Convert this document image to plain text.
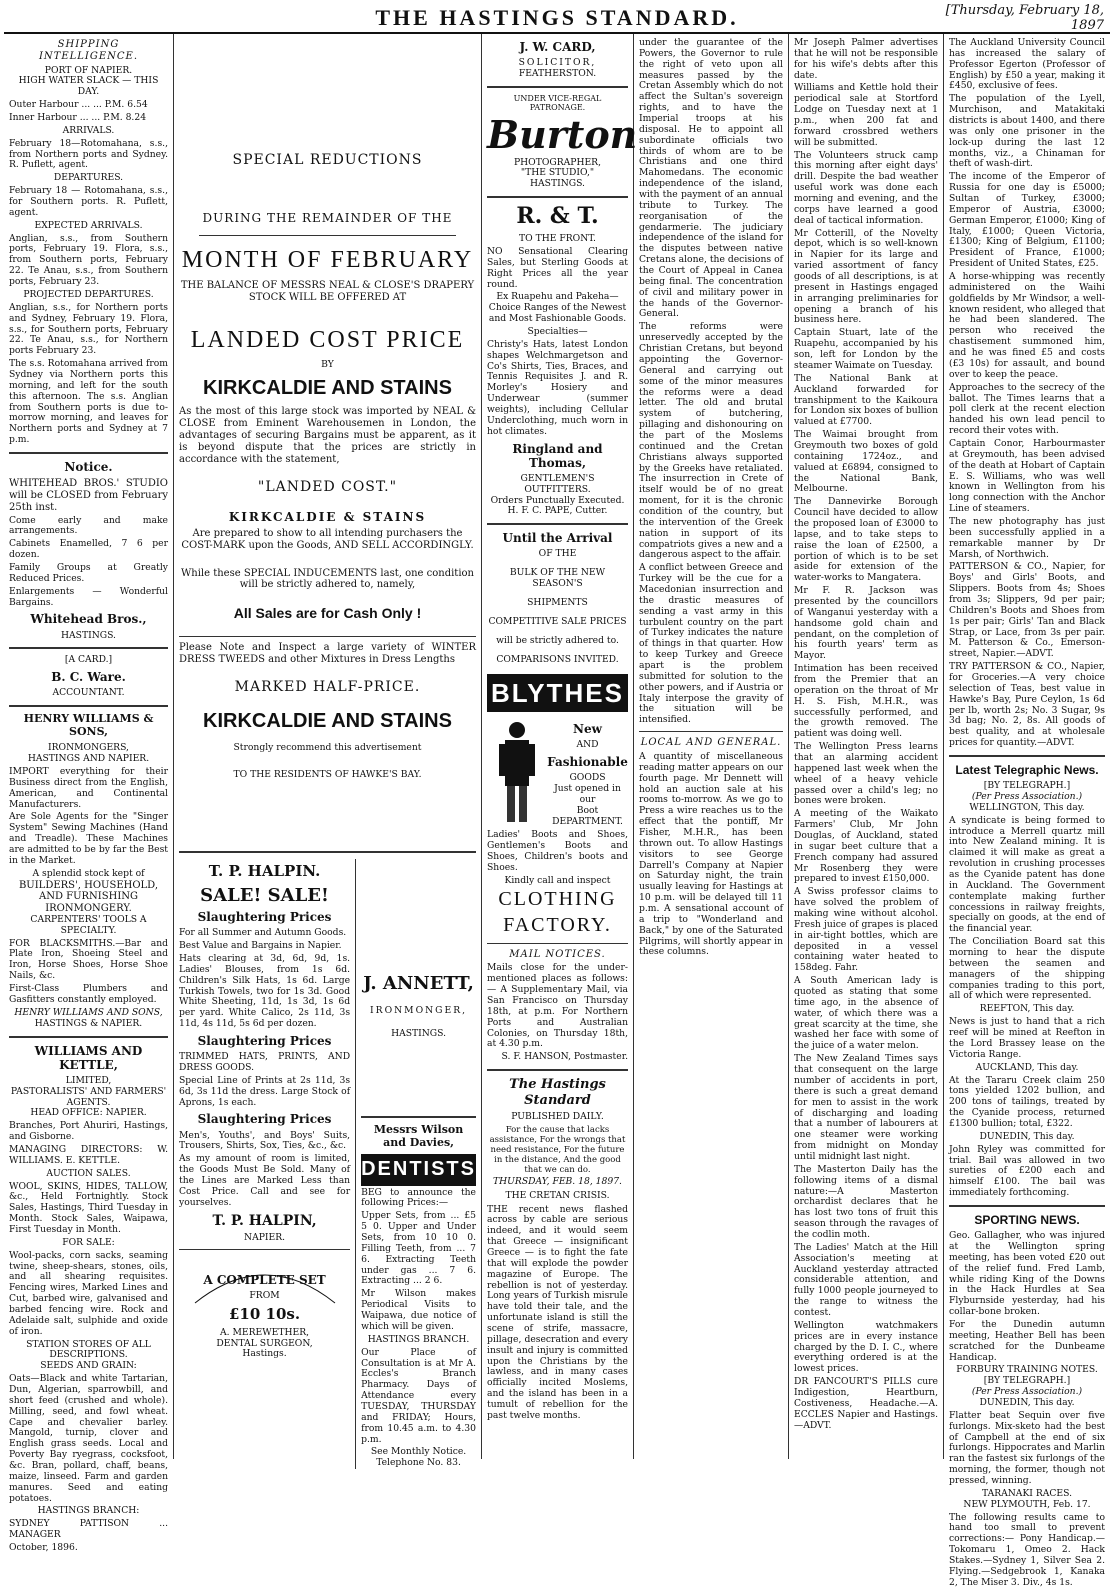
THE HASTINGS STANDARD.	[Thursday, February 18, 1897
SHIPPING INTELLIGENCE.
PORT OF NAPIER.
HIGH WATER SLACK — THIS DAY.

Outer Harbour ... ... P.M. 6.54

Inner Harbour ... ... P.M. 8.24

ARRIVALS.

February 18—Rotomahana, s.s., from Northern ports and Sydney. R. Puflett, agent.

DEPARTURES.

February 18 — Rotomahana, s.s., for Southern ports. R. Puflett, agent.

EXPECTED ARRIVALS.

Anglian, s.s., from Southern ports, February 19. Flora, s.s., from Southern ports, February 22. Te Anau, s.s., from Southern ports, February 23.

PROJECTED DEPARTURES.

Anglian, s.s., for Northern ports and Sydney, February 19. Flora, s.s., for Southern ports, February 22. Te Anau, s.s., for Northern ports February 23.

The s.s. Rotomahana arrived from Sydney via Northern ports this morning, and left for the south this afternoon. The s.s. Anglian from Southern ports is due to-morrow morning, and leaves for Northern ports and Sydney at 7 p.m.

Notice.

WHITEHEAD BROS.' STUDIO will be CLOSED from February 25th inst.

Come early and make arrangements.

Cabinets Enamelled, 7 6 per dozen.

Family Groups at Greatly Reduced Prices.

Enlargements — Wonderful Bargains.

Whitehead Bros.,
HASTINGS.
[A CARD.]
B. C. Ware.
ACCOUNTANT.
HENRY WILLIAMS & SONS,
IRONMONGERS,
HASTINGS AND NAPIER.

IMPORT everything for their Business direct from the English, American, and Continental Manufacturers.

Are Sole Agents for the "Singer System" Sewing Machines (Hand and Treadle). These Machines are admitted to be by far the Best in the Market.

A splendid stock kept of
BUILDERS', HOUSEHOLD, AND FURNISHING IRONMONGERY.
CARPENTERS' TOOLS A SPECIALTY.

FOR BLACKSMITHS.—Bar and Plate Iron, Shoeing Steel and Iron, Horse Shoes, Horse Shoe Nails, &c.

First-Class Plumbers and Gasfitters constantly employed.

HENRY WILLIAMS AND SONS,
HASTINGS & NAPIER.
WILLIAMS AND KETTLE,
LIMITED,
PASTORALISTS' AND FARMERS' AGENTS.
HEAD OFFICE: NAPIER.

Branches, Port Ahuriri, Hastings, and Gisborne.

MANAGING DIRECTORS: W. WILLIAMS. E. KETTLE.

AUCTION SALES.

WOOL, SKINS, HIDES, TALLOW, &c., Held Fortnightly. Stock Sales, Hastings, Third Tuesday in Month. Stock Sales, Waipawa, First Tuesday in Month.

FOR SALE:

Wool-packs, corn sacks, seaming twine, sheep-shears, stones, oils, and all shearing requisites. Fencing wires, Marked Lines and Cut, barbed wire, galvanised and barbed fencing wire. Rock and Adelaide salt, sulphide and oxide of iron.

STATION STORES OF ALL DESCRIPTIONS.
SEEDS AND GRAIN:

Oats—Black and white Tartarian, Dun, Algerian, sparrowbill, and short feed (crushed and whole). Milling, seed, and fowl wheat. Cape and chevalier barley. Mangold, turnip, clover and English grass seeds. Local and Poverty Bay ryegrass, cocksfoot, &c. Bran, pollard, chaff, beans, maize, linseed. Farm and garden manures. Seed and eating potatoes.

HASTINGS BRANCH:

SYDNEY PATTISON ... MANAGER

October, 1896.

SPECIAL REDUCTIONS
DURING THE REMAINDER OF THE
MONTH OF FEBRUARY

THE BALANCE OF MESSRS NEAL & CLOSE'S DRAPERY STOCK WILL BE OFFERED AT

LANDED COST PRICE
BY
KIRKCALDIE AND STAINS

As the most of this large stock was imported by NEAL & CLOSE from Eminent Warehousemen in London, the advantages of securing Bargains must be apparent, as it is beyond dispute that the prices are strictly in accordance with the statement,

"LANDED COST."
KIRKCALDIE & STAINS

Are prepared to show to all intending purchasers the COST-MARK upon the Goods, AND SELL ACCORDINGLY.

While these SPECIAL INDUCEMENTS last, one condition will be strictly adhered to, namely,

All Sales are for Cash Only !

Please Note and Inspect a large variety of WINTER DRESS TWEEDS and other Mixtures in Dress Lengths

MARKED HALF-PRICE.
KIRKCALDIE AND STAINS
Strongly recommend this advertisement
TO THE RESIDENTS OF HAWKE'S BAY.
T. P. HALPIN.
SALE! SALE!
Slaughtering Prices

For all Summer and Autumn Goods.

Best Value and Bargains in Napier.

Hats clearing at 3d, 6d, 9d, 1s. Ladies' Blouses, from 1s 6d. Children's Silk Hats, 1s 6d. Large Turkish Towels, two for 1s 3d. Good White Sheeting, 11d, 1s 3d, 1s 6d per yard. White Calico, 2s 11d, 3s 11d, 4s 11d, 5s 6d per dozen.

Slaughtering Prices

TRIMMED HATS, PRINTS, AND DRESS GOODS.

Special Line of Prints at 2s 11d, 3s 6d, 3s 11d the dress. Large Stock of Aprons, 1s each.

Slaughtering Prices

Men's, Youths', and Boys' Suits, Trousers, Shirts, Sox, Ties, &c., &c.

As my amount of room is limited, the Goods Must Be Sold. Many of the Lines are Marked Less than Cost Price. Call and see for yourselves.

T. P. HALPIN,
NAPIER.
A COMPLETE SET
FROM
£10 10s.
A. MEREWETHER,
DENTAL SURGEON,
Hastings.
J. ANNETT,
IRONMONGER,
HASTINGS.
Messrs Wilson and Davies,
DENTISTS

BEG to announce the following Prices:—

Upper Sets, from ... £5 5 0. Upper and Under Sets, from 10 10 0. Filling Teeth, from ... 7 6. Extracting Teeth under gas ... 7 6. Extracting ... 2 6.

Mr Wilson makes Periodical Visits to Waipawa, due notice of which will be given.

HASTINGS BRANCH.

Our Place of Consultation is at Mr A. Eccles's Branch Pharmacy. Days of Attendance every TUESDAY, THURSDAY and FRIDAY; Hours, from 10.45 a.m. to 4.30 p.m.

See Monthly Notice.
Telephone No. 83.
J. W. CARD,
SOLICITOR,
FEATHERSTON.
UNDER VICE-REGAL PATRONAGE.
Burton
PHOTOGRAPHER,
"THE STUDIO,"
HASTINGS.
R. & T.
TO THE FRONT.

NO Sensational Clearing Sales, but Sterling Goods at Right Prices all the year round.

Ex Ruapehu and Pakeha— Choice Ranges of the Newest and Most Fashionable Goods.

Specialties—

Christy's Hats, latest London shapes Welchmargetson and Co's Shirts, Ties, Braces, and Tennis Requisites J. and R. Morley's Hosiery and Underwear (summer weights), including Cellular Underclothing, much worn in hot climates.

Ringland and Thomas,
GENTLEMEN'S OUTFITTERS.
Orders Punctually Executed.
H. F. C. PAPE, Cutter.
Until the Arrival
OF THE
BULK OF THE NEW SEASON'S
SHIPMENTS
COMPETITIVE SALE PRICES
will be strictly adhered to.
COMPARISONS INVITED.
BLYTHES
New
AND
Fashionable
GOODS
Just opened in our
Boot DEPARTMENT.

Ladies' Boots and Shoes, Gentlemen's Boots and Shoes, Children's boots and Shoes.

Kindly call and inspect
CLOTHING
FACTORY.
MAIL NOTICES.

Mails close for the under-mentioned places as follows:— A Supplementary Mail, via San Francisco on Thursday 18th, at p.m. For Northern Ports and Australian Colonies, on Thursday 18th, at 4.30 p.m.

S. F. HANSON, Postmaster.

The Hastings Standard
PUBLISHED DAILY.

For the cause that lacks assistance, For the wrongs that need resistance, For the future in the distance, And the good that we can do.

THURSDAY, FEB. 18, 1897.
THE CRETAN CRISIS.

THE recent news flashed across by cable are serious indeed, and it would seem that Greece — insignificant Greece — is to fight the fate that will explode the powder magazine of Europe. The rebellion is not of yesterday. Long years of Turkish misrule have told their tale, and the unfortunate island is still the scene of strife, massacre, pillage, desecration and every insult and injury is committed upon the Christians by the lawless, and in many cases officially incited Moslems, and the island has been in a tumult of rebellion for the past twelve months.

under the guarantee of the Powers, the Governor to rule the right of veto upon all measures passed by the Cretan Assembly which do not affect the Sultan's sovereign rights, and to have the Imperial troops at his disposal. He to appoint all subordinate officials two thirds of whom are to be Christians and one third Mahomedans. The economic independence of the island, with the payment of an annual tribute to Turkey. The reorganisation of the gendarmerie. The judiciary independence of the island for the disputes between native Cretans alone, the decisions of the Court of Appeal in Canea being final. The concentration of civil and military power in the hands of the Governor-General.

The reforms were unreservedly accepted by the Christian Cretans, but beyond appointing the Governor-General and carrying out some of the minor measures the reforms were a dead letter. The old and brutal system of butchering, pillaging and dishonouring on the part of the Moslems continued and the Cretan Christians always supported by the Greeks have retaliated. The insurrection in Crete of itself would be of no great moment, for it is the chronic condition of the country, but the intervention of the Greek nation in support of its compatriots gives a new and a dangerous aspect to the affair.

A conflict between Greece and Turkey will be the cue for a Macedonian insurrection and the drastic measures of sending a vast army in this turbulent country on the part of Turkey indicates the nature of things in that quarter. How to keep Turkey and Greece apart is the problem submitted for solution to the other powers, and if Austria or Italy interpose the gravity of the situation will be intensified.

LOCAL AND GENERAL.

A quantity of miscellaneous reading matter appears on our fourth page. Mr Dennett will hold an auction sale at his rooms to-morrow. As we go to Press a wire reaches us to the effect that the pontiff, Mr Fisher, M.H.R., has been thrown out. To allow Hastings visitors to see George Darrell's Company at Napier on Saturday night, the train usually leaving for Hastings at 10 p.m. will be delayed till 11 p.m. A sensational account of a trip to "Wonderland and Back," by one of the Saturated Pilgrims, will shortly appear in these columns.

Mr Joseph Palmer advertises that he will not be responsible for his wife's debts after this date.

Williams and Kettle hold their periodical sale at Stortford Lodge on Tuesday next at 1 p.m., when 200 fat and forward crossbred wethers will be submitted.

The Volunteers struck camp this morning after eight days' drill. Despite the bad weather useful work was done each morning and evening, and the corps have learned a good deal of tactical information.

Mr Cotterill, of the Novelty depot, which is so well-known in Napier for its large and varied assortment of fancy goods of all descriptions, is at present in Hastings engaged in arranging preliminaries for opening a branch of his business here.

Captain Stuart, late of the Ruapehu, accompanied by his son, left for London by the steamer Waimate on Tuesday.

The National Bank at Auckland forwarded for transhipment to the Kaikoura for London six boxes of bullion valued at £7700.

The Waimai brought from Greymouth two boxes of gold containing 1724oz., and valued at £6894, consigned to the National Bank, Melbourne.

The Dannevirke Borough Council have decided to allow the proposed loan of £3000 to lapse, and to take steps to raise the loan of £2500, a portion of which is to be set aside for extension of the water-works to Mangatera.

Mr F. R. Jackson was presented by the councillors of Wanganui yesterday with a handsome gold chain and pendant, on the completion of his fourth years' term as Mayor.

Intimation has been received from the Premier that an operation on the throat of Mr H. S. Fish, M.H.R., was successfully performed, and the growth removed. The patient was doing well.

The Wellington Press learns that an alarming accident happened last week when the wheel of a heavy vehicle passed over a child's leg; no bones were broken.

A meeting of the Waikato Farmers' Club, Mr John Douglas, of Auckland, stated in sugar beet culture that a French company had assured Mr Rosenberg they were prepared to invest £150,000.

A Swiss professor claims to have solved the problem of making wine without alcohol. Fresh juice of grapes is placed in air-tight bottles, which are deposited in a vessel containing water heated to 158deg. Fahr.

A South American lady is quoted as stating that some time ago, in the absence of water, of which there was a great scarcity at the time, she washed her face with some of the juice of a water melon.

The New Zealand Times says that consequent on the large number of accidents in port, there is such a great demand for men to assist in the work of discharging and loading that a number of labourers at one steamer were working from midnight on Monday until midnight last night.

The Masterton Daily has the following items of a dismal nature:—A Masterton orchardist declares that he has lost two tons of fruit this season through the ravages of the codlin moth.

The Ladies' Match at the Hill Association's meeting at Auckland yesterday attracted considerable attention, and fully 1000 people journeyed to the range to witness the contest.

Wellington watchmakers prices are in every instance charged by the D. I. C., where everything ordered is at the lowest prices.

DR FANCOURT'S PILLS cure Indigestion, Heartburn, Costiveness, Headache.—A. ECCLES Napier and Hastings.—ADVT.

The Auckland University Council has increased the salary of Professor Egerton (Professor of English) by £50 a year, making it £450, exclusive of fees.

The population of the Lyell, Murchison, and Matakitaki districts is about 1400, and there was only one prisoner in the lock-up during the last 12 months, viz., a Chinaman for theft of wash-dirt.

The income of the Emperor of Russia for one day is £5000; Sultan of Turkey, £3000; Emperor of Austria, £3000; German Emperor, £1000; King of Italy, £1000; Queen Victoria, £1300; King of Belgium, £1100; President of France, £1000; President of United States, £25.

A horse-whipping was recently administered on the Waihi goldfields by Mr Windsor, a well-known resident, who alleged that he had been slandered. The person who received the chastisement summoned him, and he was fined £5 and costs (£3 10s) for assault, and bound over to keep the peace.

Approaches to the secrecy of the ballot. The Times learns that a poll clerk at the recent election handed his own lead pencil to record their votes with.

Captain Conor, Harbourmaster at Greymouth, has been advised of the death at Hobart of Captain E. S. Williams, who was well known in Wellington from his long connection with the Anchor Line of steamers.

The new photography has just been successfully applied in a remarkable manner by Dr Marsh, of Northwich.

PATTERSON & CO., Napier, for Boys' and Girls' Boots, and Slippers. Boots from 4s; Shoes from 3s; Slippers, 9d per pair; Children's Boots and Shoes from 1s per pair; Girls' Tan and Black Strap, or Lace, from 3s per pair. M. Patterson & Co., Emerson-street, Napier.—ADVT.

TRY PATTERSON & CO., Napier, for Groceries.—A very choice selection of Teas, best value in Hawke's Bay, Pure Ceylon, 1s 6d per lb, worth 2s; No. 3 Sugar, 9s 3d bag; No. 2, 8s. All goods of best quality, and at wholesale prices for quantity.—ADVT.

Latest Telegraphic News.
[BY TELEGRAPH.]
(Per Press Association.)
WELLINGTON, This day.

A syndicate is being formed to introduce a Merrell quartz mill into New Zealand mining. It is claimed it will make as great a revolution in crushing processes as the Cyanide patent has done in Auckland. The Government contemplate making further concessions in railway freights, specially on goods, at the end of the financial year.

The Conciliation Board sat this morning to hear the dispute between the seamen and managers of the shipping companies trading to this port, all of which were represented.

REEFTON, This day.

News is just to hand that a rich reef will be mined at Reefton in the Lord Brassey lease on the Victoria Range.

AUCKLAND, This day.

At the Tararu Creek claim 250 tons yielded 1202 bullion, and 200 tons of tailings, treated by the Cyanide process, returned £1300 bullion; total, £322.

DUNEDIN, This day.

John Ryley was committed for trial. Bail was allowed in two sureties of £200 each and himself £100. The bail was immediately forthcoming.

SPORTING NEWS.

Geo. Gallagher, who was injured at the Wellington spring meeting, has been voted £20 out of the relief fund. Fred Lamb, while riding King of the Downs in the Hack Hurdles at Sea Flyburnside yesterday, had his collar-bone broken.

For the Dunedin autumn meeting, Heather Bell has been scratched for the Dunbeame Handicap.

FORBURY TRAINING NOTES.
[BY TELEGRAPH.]
(Per Press Association.)
DUNEDIN, This day.

Flatter beat Sequin over five furlongs. Mix-sketo had the best of Campbell at the end of six furlongs. Hippocrates and Marlin ran the fastest six furlongs of the morning, the former, though not pressed, winning.

TARANAKI RACES.
NEW PLYMOUTH, Feb. 17.

The following results came to hand too small to prevent corrections:— Pony Handicap.—Tokomaru 1, Omeo 2. Hack Stakes.—Sydney 1, Silver Sea 2. Flying.—Sedgebrook 1, Kanaka 2, The Miser 3. Div., 4s 1s.
